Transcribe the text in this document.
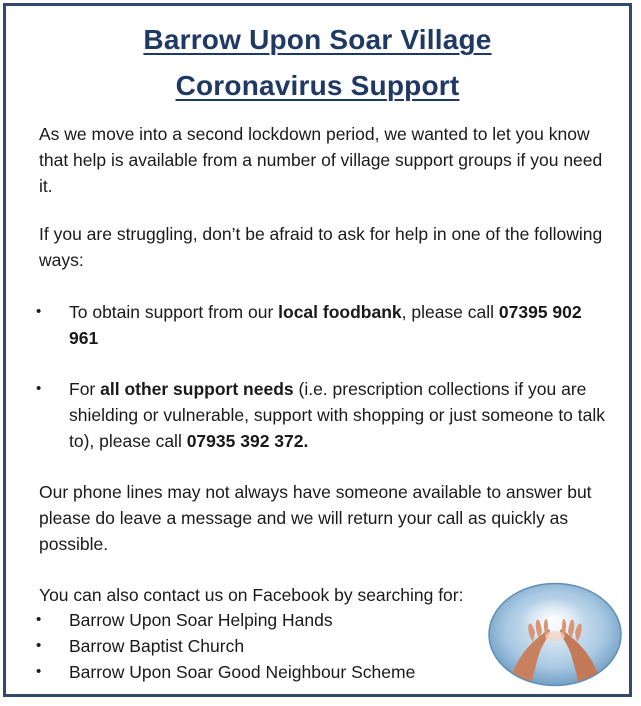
Barrow Upon Soar Village
Coronavirus Support
As we move into a second lockdown period, we wanted to let you know that help is available from a number of village support groups if you need it.
If you are struggling, don’t be afraid to ask for help in one of the following ways:
• To obtain support from our local foodbank, please call 07395 902 961
• For all other support needs (i.e. prescription collections if you are shielding or vulnerable, support with shopping or just someone to talk to), please call 07935 392 372.
Our phone lines may not always have someone available to answer but please do leave a message and we will return your call as quickly as possible.
You can also contact us on Facebook by searching for:
• Barrow Upon Soar Helping Hands
• Barrow Baptist Church
• Barrow Upon Soar Good Neighbour Scheme
